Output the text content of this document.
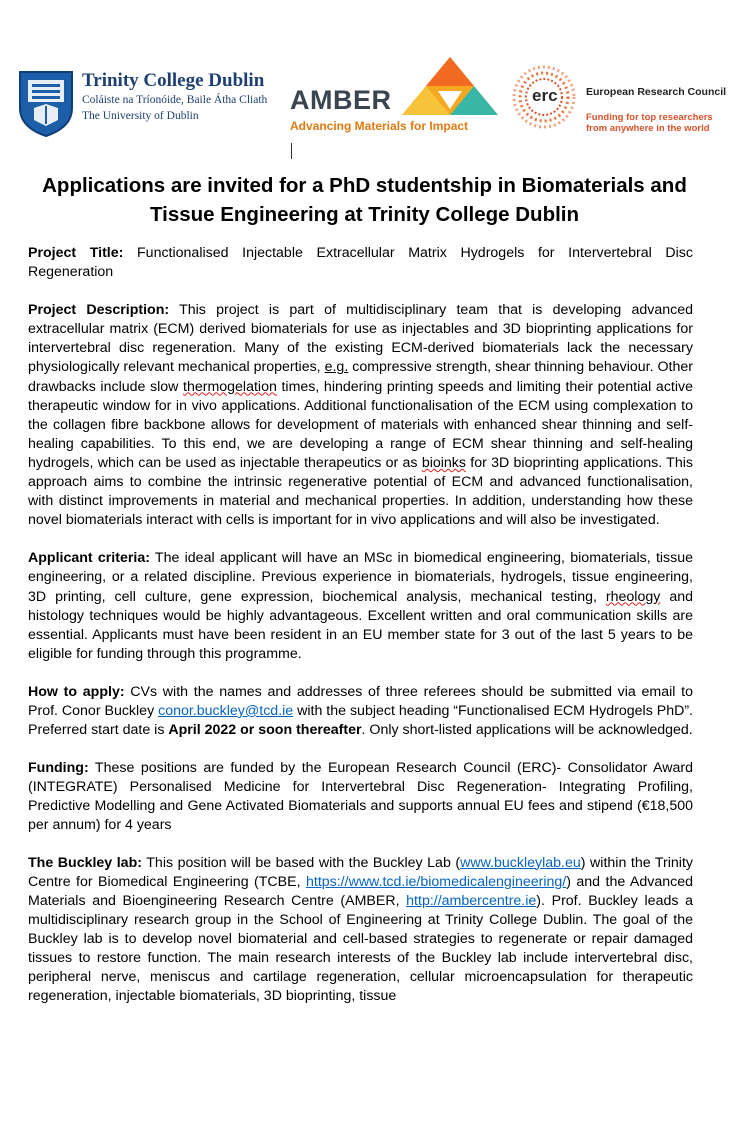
Trinity College Dublin
Coláiste na Tríonóide, Baile Átha Cliath
The University of Dublin
AMBER
Advancing Materials for Impact
erc	European Research Council
Funding for top researchers
from anywhere in the world
Applications are invited for a PhD studentship in Biomaterials and Tissue Engineering at Trinity College Dublin

Project Title: Functionalised Injectable Extracellular Matrix Hydrogels for Intervertebral Disc Regeneration

Project Description: This project is part of multidisciplinary team that is developing advanced extracellular matrix (ECM) derived biomaterials for use as injectables and 3D bioprinting applications for intervertebral disc regeneration. Many of the existing ECM-derived biomaterials lack the necessary physiologically relevant mechanical properties, e.g. compressive strength, shear thinning behaviour. Other drawbacks include slow thermogelation times, hindering printing speeds and limiting their potential active therapeutic window for in vivo applications. Additional functionalisation of the ECM using complexation to the collagen fibre backbone allows for development of materials with enhanced shear thinning and self-healing capabilities. To this end, we are developing a range of ECM shear thinning and self-healing hydrogels, which can be used as injectable therapeutics or as bioinks for 3D bioprinting applications. This approach aims to combine the intrinsic regenerative potential of ECM and advanced functionalisation, with distinct improvements in material and mechanical properties. In addition, understanding how these novel biomaterials interact with cells is important for in vivo applications and will also be investigated.

Applicant criteria: The ideal applicant will have an MSc in biomedical engineering, biomaterials, tissue engineering, or a related discipline. Previous experience in biomaterials, hydrogels, tissue engineering, 3D printing, cell culture, gene expression, biochemical analysis, mechanical testing, rheology and histology techniques would be highly advantageous. Excellent written and oral communication skills are essential. Applicants must have been resident in an EU member state for 3 out of the last 5 years to be eligible for funding through this programme.

How to apply: CVs with the names and addresses of three referees should be submitted via email to Prof. Conor Buckley conor.buckley@tcd.ie with the subject heading “Functionalised ECM Hydrogels PhD”. Preferred start date is April 2022 or soon thereafter. Only short-listed applications will be acknowledged.

Funding: These positions are funded by the European Research Council (ERC)- Consolidator Award (INTEGRATE) Personalised Medicine for Intervertebral Disc Regeneration- Integrating Profiling, Predictive Modelling and Gene Activated Biomaterials and supports annual EU fees and stipend (€18,500 per annum) for 4 years

The Buckley lab: This position will be based with the Buckley Lab (www.buckleylab.eu) within the Trinity Centre for Biomedical Engineering (TCBE, https://www.tcd.ie/biomedicalengineering/) and the Advanced Materials and Bioengineering Research Centre (AMBER, http://ambercentre.ie). Prof. Buckley leads a multidisciplinary research group in the School of Engineering at Trinity College Dublin. The goal of the Buckley lab is to develop novel biomaterial and cell-based strategies to regenerate or repair damaged tissues to restore function. The main research interests of the Buckley lab include intervertebral disc, peripheral nerve, meniscus and cartilage regeneration, cellular microencapsulation for therapeutic regeneration, injectable biomaterials, 3D bioprinting, tissue
